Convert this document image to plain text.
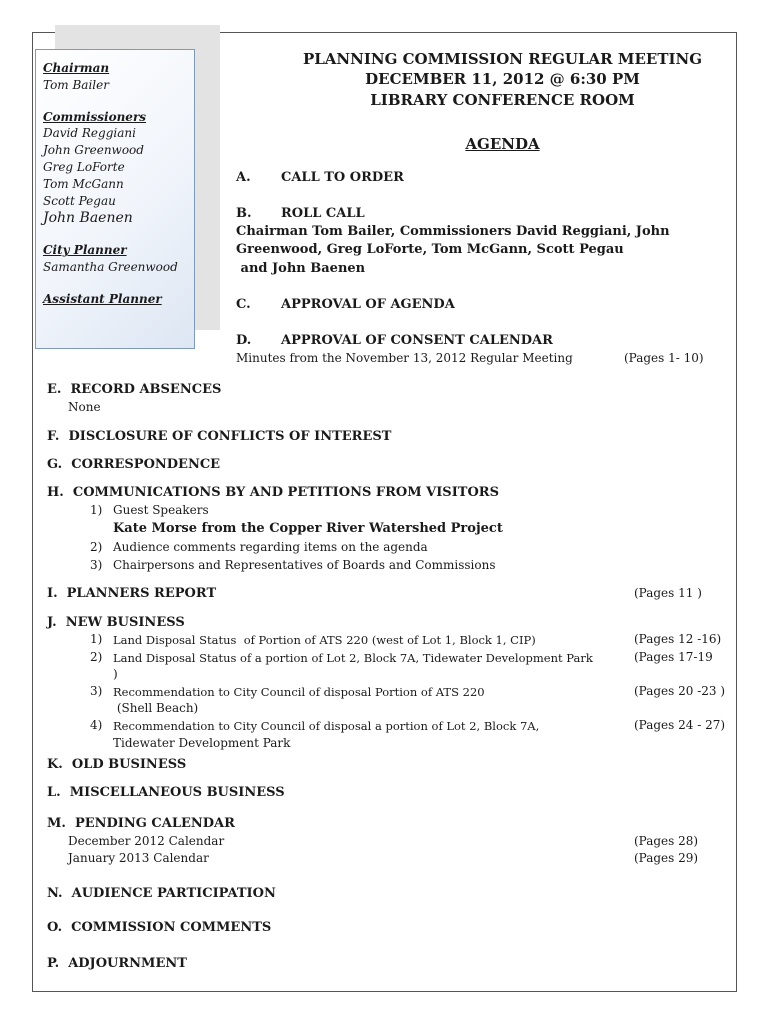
Chairman
Tom Bailer
Commissioners
David Reggiani
John Greenwood
Greg LoForte
Tom McGann
Scott Pegau
John Baenen
City Planner
Samantha Greenwood
Assistant Planner
PLANNING COMMISSION REGULAR MEETING
DECEMBER 11, 2012 @ 6:30 PM
LIBRARY CONFERENCE ROOM
AGENDA
A. CALL TO ORDER
B. ROLL CALL
Chairman Tom Bailer, Commissioners David Reggiani, John
Greenwood, Greg LoForte, Tom McGann, Scott Pegau
and John Baenen
C. APPROVAL OF AGENDA
D. APPROVAL OF CONSENT CALENDAR
Minutes from the November 13, 2012 Regular Meeting	(Pages 1- 10)
E.  RECORD ABSENCES
None
F.  DISCLOSURE OF CONFLICTS OF INTEREST
G.  CORRESPONDENCE
H.  COMMUNICATIONS BY AND PETITIONS FROM VISITORS
1) Guest Speakers
Kate Morse from the Copper River Watershed Project
2) Audience comments regarding items on the agenda
3) Chairpersons and Representatives of Boards and Commissions
I.  PLANNERS REPORT	(Pages 11 )
J.  NEW BUSINESS
1) Land Disposal Status  of Portion of ATS 220 (west of Lot 1, Block 1, CIP)	(Pages 12 -16)
2) Land Disposal Status of a portion of Lot 2, Block 7A, Tidewater Development Park	(Pages 17-19
)
3) Recommendation to City Council of disposal Portion of ATS 220	(Pages 20 -23 )
(Shell Beach)
4) Recommendation to City Council of disposal a portion of Lot 2, Block 7A,	(Pages 24 - 27)
Tidewater Development Park
K.  OLD BUSINESS
L.  MISCELLANEOUS BUSINESS
M.  PENDING CALENDAR
December 2012 Calendar	(Pages 28)
January 2013 Calendar	(Pages 29)
N.  AUDIENCE PARTICIPATION
O.  COMMISSION COMMENTS
P.  ADJOURNMENT
